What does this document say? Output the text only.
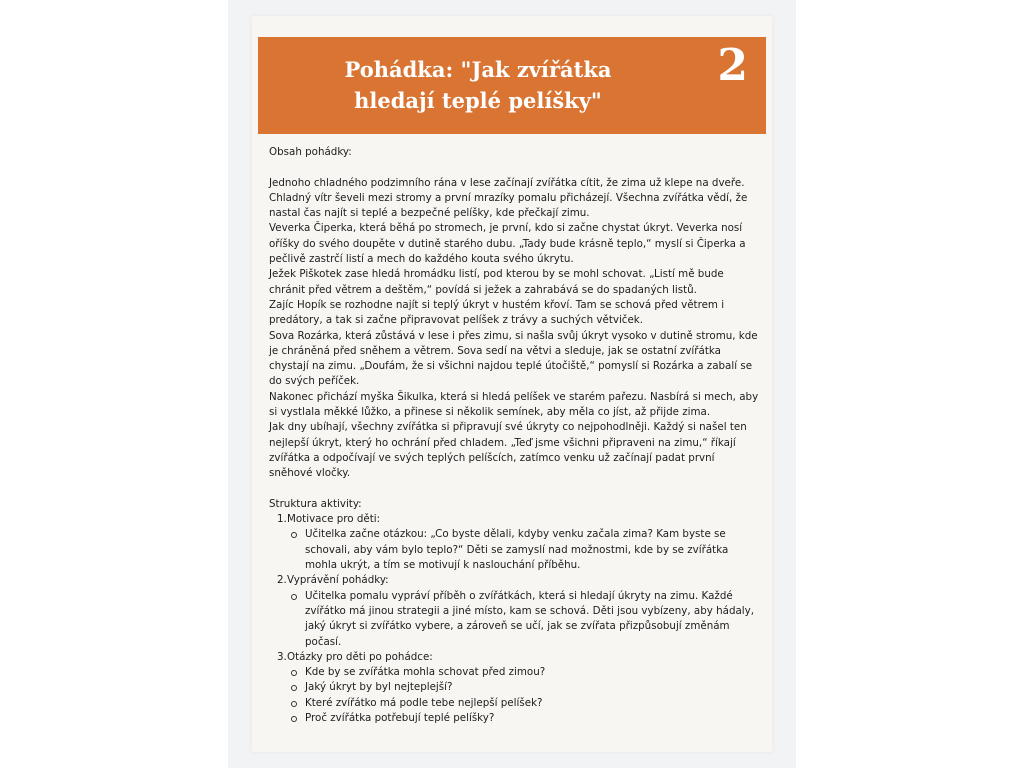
Pohádka: "Jak zvířátka hledají teplé pelíšky"
2

Obsah pohádky:

Jednoho chladného podzimního rána v lese začínají zvířátka cítit, že zima už klepe na dveře. Chladný vítr ševeli mezi stromy a první mrazíky pomalu přicházejí. Všechna zvířátka vědí, že nastal čas najít si teplé a bezpečné pelíšky, kde přečkají zimu.

Veverka Čiperka, která běhá po stromech, je první, kdo si začne chystat úkryt. Veverka nosí oříšky do svého doupěte v dutině starého dubu. „Tady bude krásně teplo,“ myslí si Čiperka a pečlivě zastrčí listí a mech do každého kouta svého úkrytu.

Ježek Piškotek zase hledá hromádku listí, pod kterou by se mohl schovat. „Listí mě bude chránit před větrem a deštěm,“ povídá si ježek a zahrabává se do spadaných listů.

Zajíc Hopík se rozhodne najít si teplý úkryt v hustém křoví. Tam se schová před větrem i predátory, a tak si začne připravovat pelíšek z trávy a suchých větviček.

Sova Rozárka, která zůstává v lese i přes zimu, si našla svůj úkryt vysoko v dutině stromu, kde je chráněná před sněhem a větrem. Sova sedí na větvi a sleduje, jak se ostatní zvířátka chystají na zimu. „Doufám, že si všichni najdou teplé útočiště,“ pomyslí si Rozárka a zabalí se do svých peříček.

Nakonec přichází myška Šikulka, která si hledá pelíšek ve starém pařezu. Nasbírá si mech, aby si vystlala měkké lůžko, a přinese si několik semínek, aby měla co jíst, až přijde zima.

Jak dny ubíhají, všechny zvířátka si připravují své úkryty co nejpohodlněji. Každý si našel ten nejlepší úkryt, který ho ochrání před chladem. „Teď jsme všichni připraveni na zimu,“ říkají zvířátka a odpočívají ve svých teplých pelíšcích, zatímco venku už začínají padat první sněhové vločky.

Struktura aktivity:

1. Motivace pro děti:
Učitelka začne otázkou: „Co byste dělali, kdyby venku začala zima? Kam byste se schovali, aby vám bylo teplo?“ Děti se zamyslí nad možnostmi, kde by se zvířátka mohla ukrýt, a tím se motivují k naslouchání příběhu.
2. Vyprávění pohádky:
Učitelka pomalu vypráví příběh o zvířátkách, která si hledají úkryty na zimu. Každé zvířátko má jinou strategii a jiné místo, kam se schová. Děti jsou vybízeny, aby hádaly, jaký úkryt si zvířátko vybere, a zároveň se učí, jak se zvířata přizpůsobují změnám počasí.
3. Otázky pro děti po pohádce:
Kde by se zvířátka mohla schovat před zimou?
Jaký úkryt by byl nejteplejší?
Které zvířátko má podle tebe nejlepší pelíšek?
Proč zvířátka potřebují teplé pelíšky?
